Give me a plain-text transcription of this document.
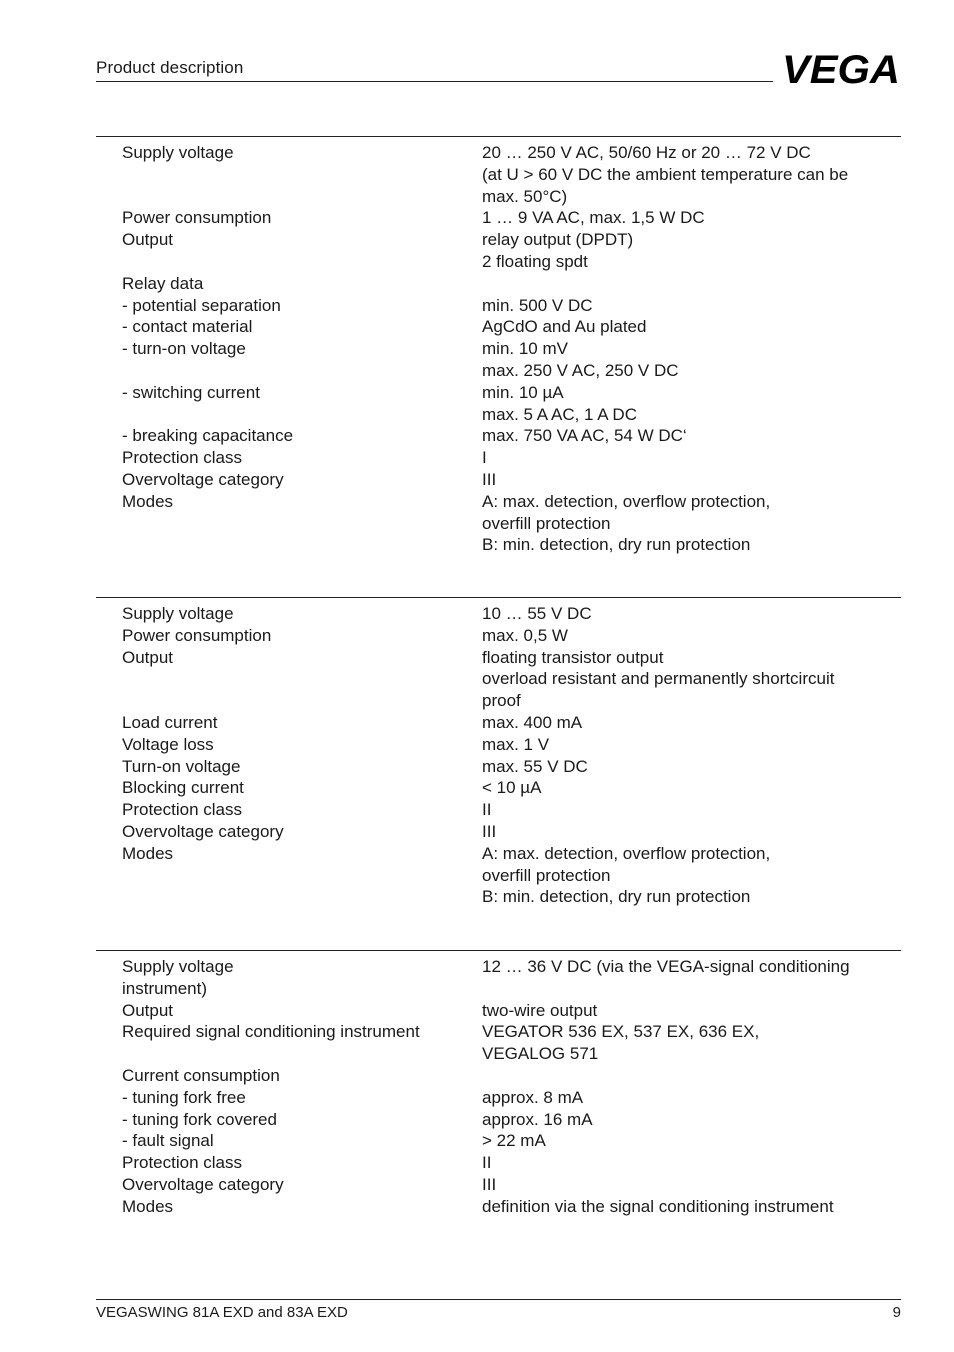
Product description	VEGA
Supply voltage	20 … 250 V AC, 50/60 Hz or 20 … 72 V DC
(at U > 60 V DC the ambient temperature can be
max. 50°C)
Power consumption	1 … 9 VA AC, max. 1,5 W DC
Output	relay output (DPDT)
2 floating spdt
Relay data
- potential separation	min. 500 V DC
- contact material	AgCdO and Au plated
- turn-on voltage	min. 10 mV
max. 250 V AC, 250 V DC
- switching current	min. 10 µA
max. 5 A AC, 1 A DC
- breaking capacitance	max. 750 VA AC, 54 W DC‘
Protection class	I
Overvoltage category	III
Modes	A: max. detection, overflow protection,
overfill protection
B: min. detection, dry run protection
Supply voltage	10 … 55 V DC
Power consumption	max. 0,5 W
Output	floating transistor output
overload resistant and permanently shortcircuit
proof
Load current	max. 400 mA
Voltage loss	max. 1 V
Turn-on voltage	max. 55 V DC
Blocking current	< 10 µA
Protection class	II
Overvoltage category	III
Modes	A: max. detection, overflow protection,
overfill protection
B: min. detection, dry run protection
Supply voltage	12 … 36 V DC (via the VEGA-signal conditioning
instrument)
Output	two-wire output
Required signal conditioning instrument	VEGATOR 536 EX, 537 EX, 636 EX,
VEGALOG 571
Current consumption
- tuning fork free	approx. 8 mA
- tuning fork covered	approx. 16 mA
- fault signal	> 22 mA
Protection class	II
Overvoltage category	III
Modes	definition via the signal conditioning instrument
VEGASWING 81A EXD and 83A EXD	9
